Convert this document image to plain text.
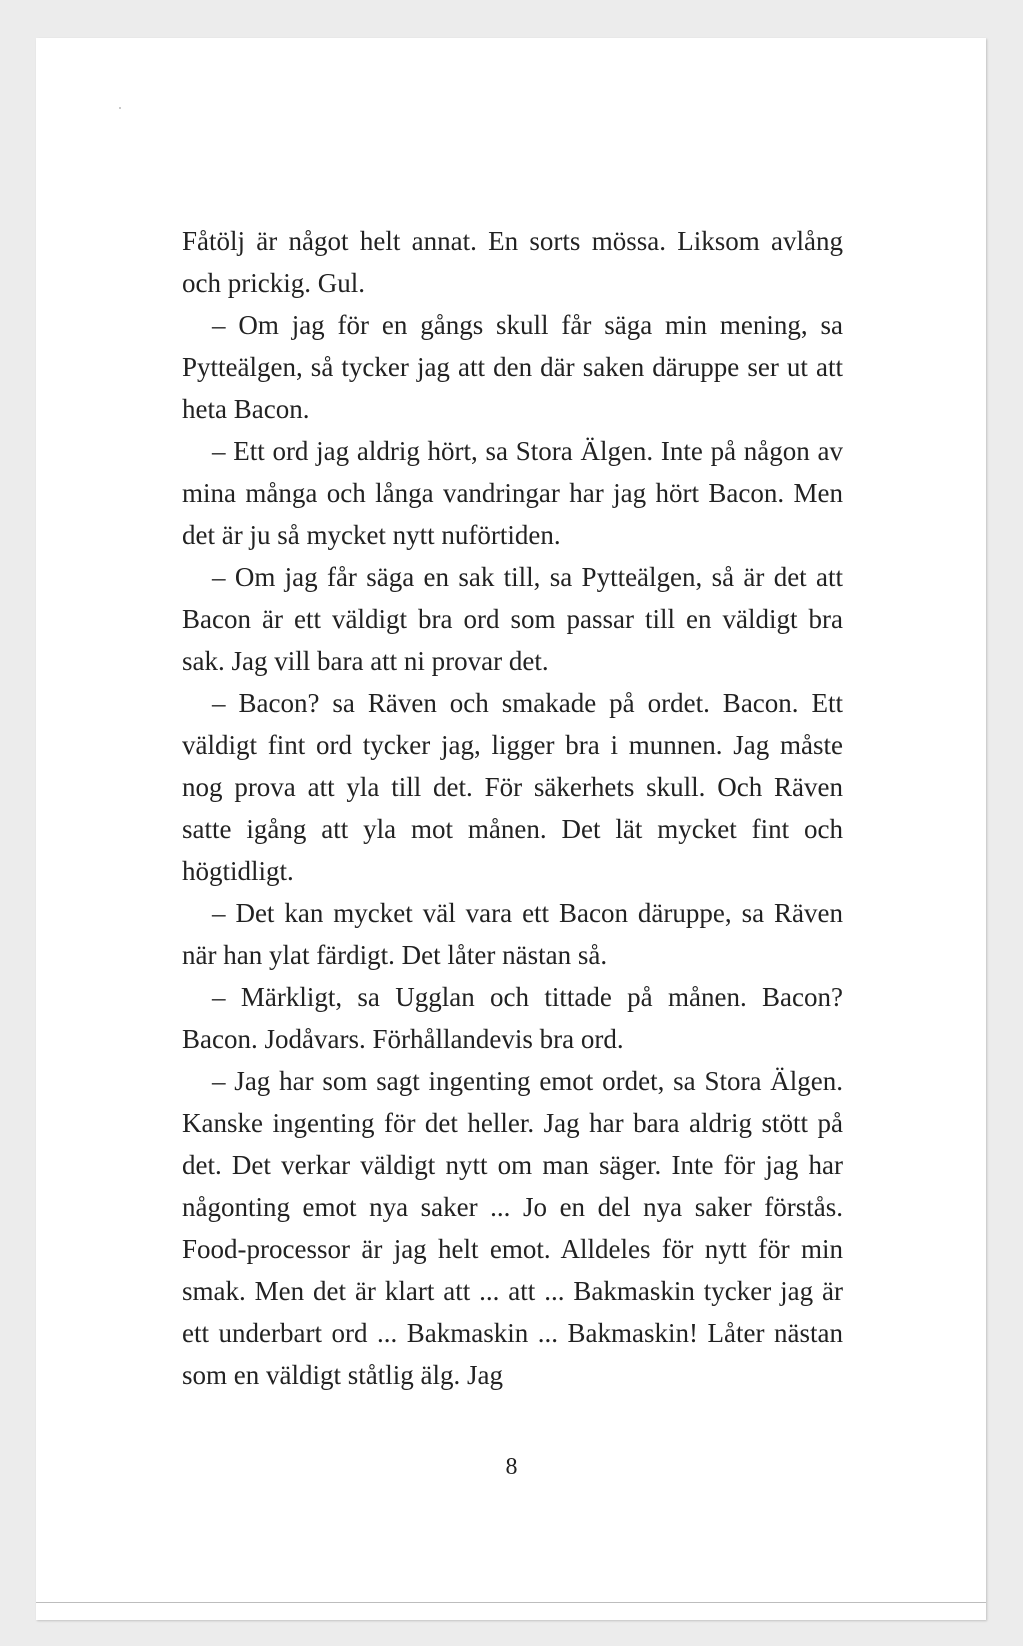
Fåtölj är något helt annat. En sorts mössa. Liksom avlång och prickig. Gul.

– Om jag för en gångs skull får säga min mening, sa Pytteälgen, så tycker jag att den där saken däruppe ser ut att heta Bacon.

– Ett ord jag aldrig hört, sa Stora Älgen. Inte på någon av mina många och långa vandringar har jag hört Bacon. Men det är ju så mycket nytt nuförtiden.

– Om jag får säga en sak till, sa Pytteälgen, så är det att Bacon är ett väldigt bra ord som passar till en väldigt bra sak. Jag vill bara att ni provar det.

– Bacon? sa Räven och smakade på ordet. Bacon. Ett väldigt fint ord tycker jag, ligger bra i munnen. Jag måste nog prova att yla till det. För säkerhets skull. Och Räven satte igång att yla mot månen. Det lät mycket fint och högtidligt.

– Det kan mycket väl vara ett Bacon däruppe, sa Räven när han ylat färdigt. Det låter nästan så.

– Märkligt, sa Ugglan och tittade på månen. Bacon? Bacon. Jodåvars. Förhållandevis bra ord.

– Jag har som sagt ingenting emot ordet, sa Stora Älgen. Kanske ingenting för det heller. Jag har bara aldrig stött på det. Det verkar väldigt nytt om man säger. Inte för jag har någonting emot nya saker ... Jo en del nya saker förstås. Food-processor är jag helt emot. Alldeles för nytt för min smak. Men det är klart att ... att ... Bakmaskin tycker jag är ett underbart ord ... Bakmaskin ... Bakmaskin! Låter nästan som en väldigt ståtlig älg. Jag

8
